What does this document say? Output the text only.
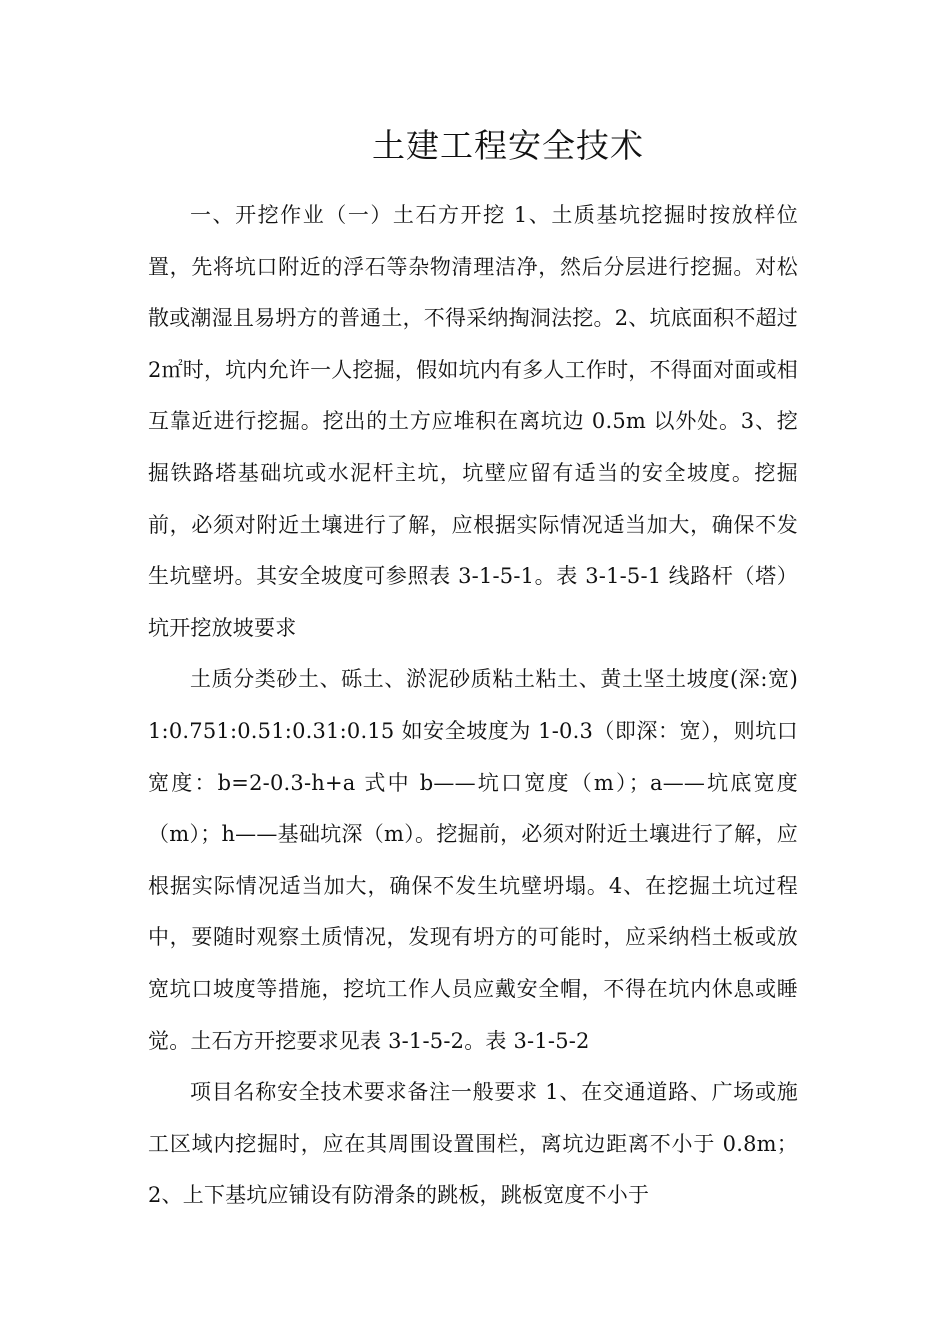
土建工程安全技术

一、开挖作业（一）土石方开挖 1、土质基坑挖掘时按放样位置，先将坑口附近的浮石等杂物清理洁净，然后分层进行挖掘。对松散或潮湿且易坍方的普通土，不得采纳掏洞法挖。2、坑底面积不超过 2㎡时，坑内允许一人挖掘，假如坑内有多人工作时，不得面对面或相互靠近进行挖掘。挖出的土方应堆积在离坑边 0.5m 以外处。3、挖掘铁路塔基础坑或水泥杆主坑，坑壁应留有适当的安全坡度。挖掘前，必须对附近土壤进行了解，应根据实际情况适当加大，确保不发生坑壁坍。其安全坡度可参照表 3-1-5-1。表 3-1-5-1 线路杆（塔）坑开挖放坡要求

土质分类砂土、砾土、淤泥砂质粘土粘土、黄土坚土坡度(深:宽)1:0.751:0.51:0.31:0.15 如安全坡度为 1-0.3（即深：宽），则坑口宽度：b=2-0.3-h+a 式中 b——坑口宽度（m）；a——坑底宽度（m）；h——基础坑深（m）。挖掘前，必须对附近土壤进行了解，应根据实际情况适当加大，确保不发生坑壁坍塌。4、在挖掘土坑过程中，要随时观察土质情况，发现有坍方的可能时，应采纳档土板或放宽坑口坡度等措施，挖坑工作人员应戴安全帽，不得在坑内休息或睡觉。土石方开挖要求见表 3-1-5-2。表 3-1-5-2

项目名称安全技术要求备注一般要求 1、在交通道路、广场或施工区域内挖掘时，应在其周围设置围栏，离坑边距离不小于 0.8m；2、上下基坑应铺设有防滑条的跳板，跳板宽度不小于
